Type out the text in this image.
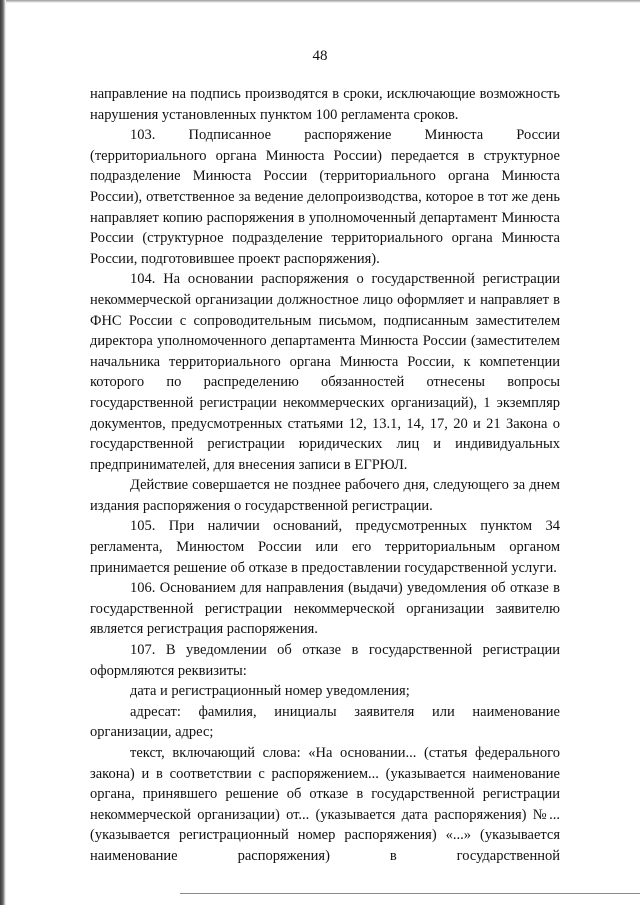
48

направление на подпись производятся в сроки, исключающие возможность нарушения установленных пунктом 100 регламента сроков.

103. Подписанное распоряжение Минюста России (территориального органа Минюста России) передается в структурное подразделение Минюста России (территориального органа Минюста России), ответственное за ведение делопроизводства, которое в тот же день направляет копию распоряжения в уполномоченный департамент Минюста России (структурное подразделение территориального органа Минюста России, подготовившее проект распоряжения).

104. На основании распоряжения о государственной регистрации некоммерческой организации должностное лицо оформляет и направляет в ФНС России с сопроводительным письмом, подписанным заместителем директора уполномоченного департамента Минюста России (заместителем начальника территориального органа Минюста России, к компетенции которого по распределению обязанностей отнесены вопросы государственной регистрации некоммерческих организаций), 1 экземпляр документов, предусмотренных статьями 12, 13.1, 14, 17, 20 и 21 Закона о государственной регистрации юридических лиц и индивидуальных предпринимателей, для внесения записи в ЕГРЮЛ.

Действие совершается не позднее рабочего дня, следующего за днем издания распоряжения о государственной регистрации.

105. При наличии оснований, предусмотренных пунктом 34 регламента, Минюстом России или его территориальным органом принимается решение об отказе в предоставлении государственной услуги.

106. Основанием для направления (выдачи) уведомления об отказе в государственной регистрации некоммерческой организации заявителю является регистрация распоряжения.

107. В уведомлении об отказе в государственной регистрации оформляются реквизиты:

дата и регистрационный номер уведомления;

адресат: фамилия, инициалы заявителя или наименование организации, адрес;

текст, включающий слова: «На основании... (статья федерального закона) и в соответствии с распоряжением... (указывается наименование органа, принявшего решение об отказе в государственной регистрации некоммерческой организации) от... (указывается дата распоряжения) №... (указывается регистрационный номер распоряжения) «...» (указывается наименование распоряжения) в государственной
